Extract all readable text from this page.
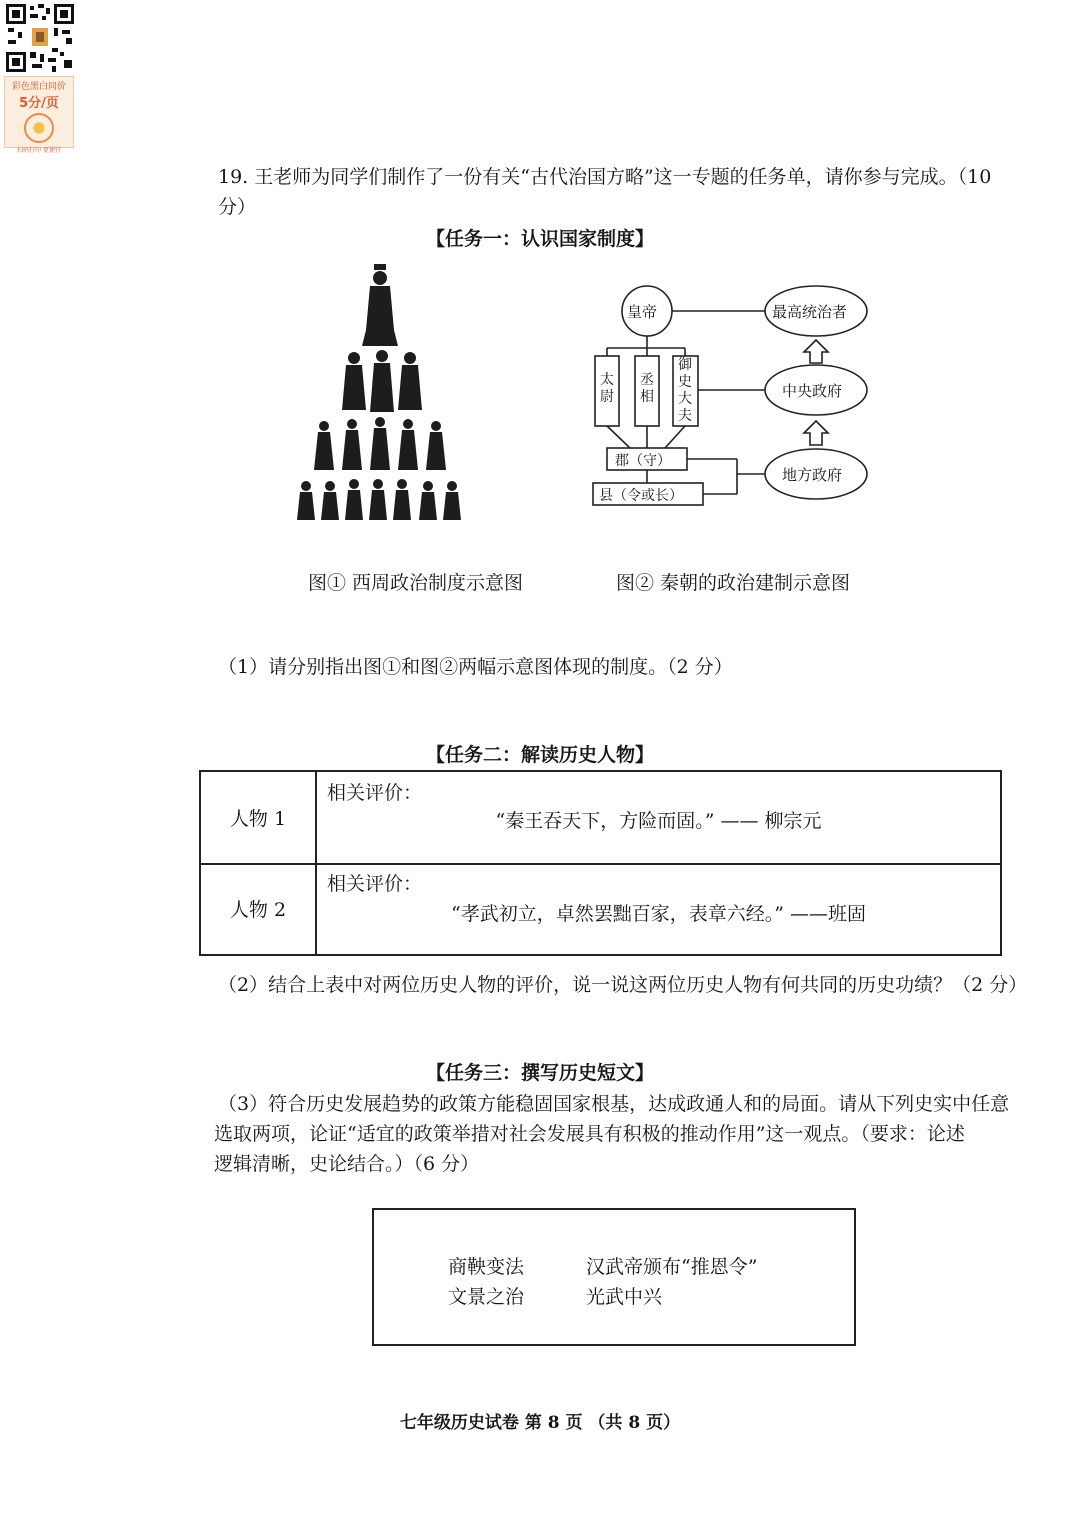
彩色黑白同价
5分/页
扫码打印 更便宜
19. 王老师为同学们制作了一份有关“古代治国方略”这一专题的任务单，请你参与完成。（10
分）
【任务一：认识国家制度】
皇帝	最高统治者
中央政府
地方政府
太尉
丞相
御史大夫
郡（守）
县（令或长）
图① 西周政治制度示意图	图② 秦朝的政治建制示意图
（1）请分别指出图①和图②两幅示意图体现的制度。（2 分）
【任务二：解读历史人物】
人物 1
相关评价：
“秦王吞天下，方险而固。” —— 柳宗元
人物 2
相关评价：
“孝武初立，卓然罢黜百家，表章六经。” ——班固
（2）结合上表中对两位历史人物的评价，说一说这两位历史人物有何共同的历史功绩？（2 分）
【任务三：撰写历史短文】
（3）符合历史发展趋势的政策方能稳固国家根基，达成政通人和的局面。请从下列史实中任意
选取两项，论证“适宜的政策举措对社会发展具有积极的推动作用”这一观点。（要求：论述
逻辑清晰，史论结合。）（6 分）
商鞅变法	汉武帝颁布“推恩令”
文景之治	光武中兴
七年级历史试卷 第 8 页 （共 8 页）
